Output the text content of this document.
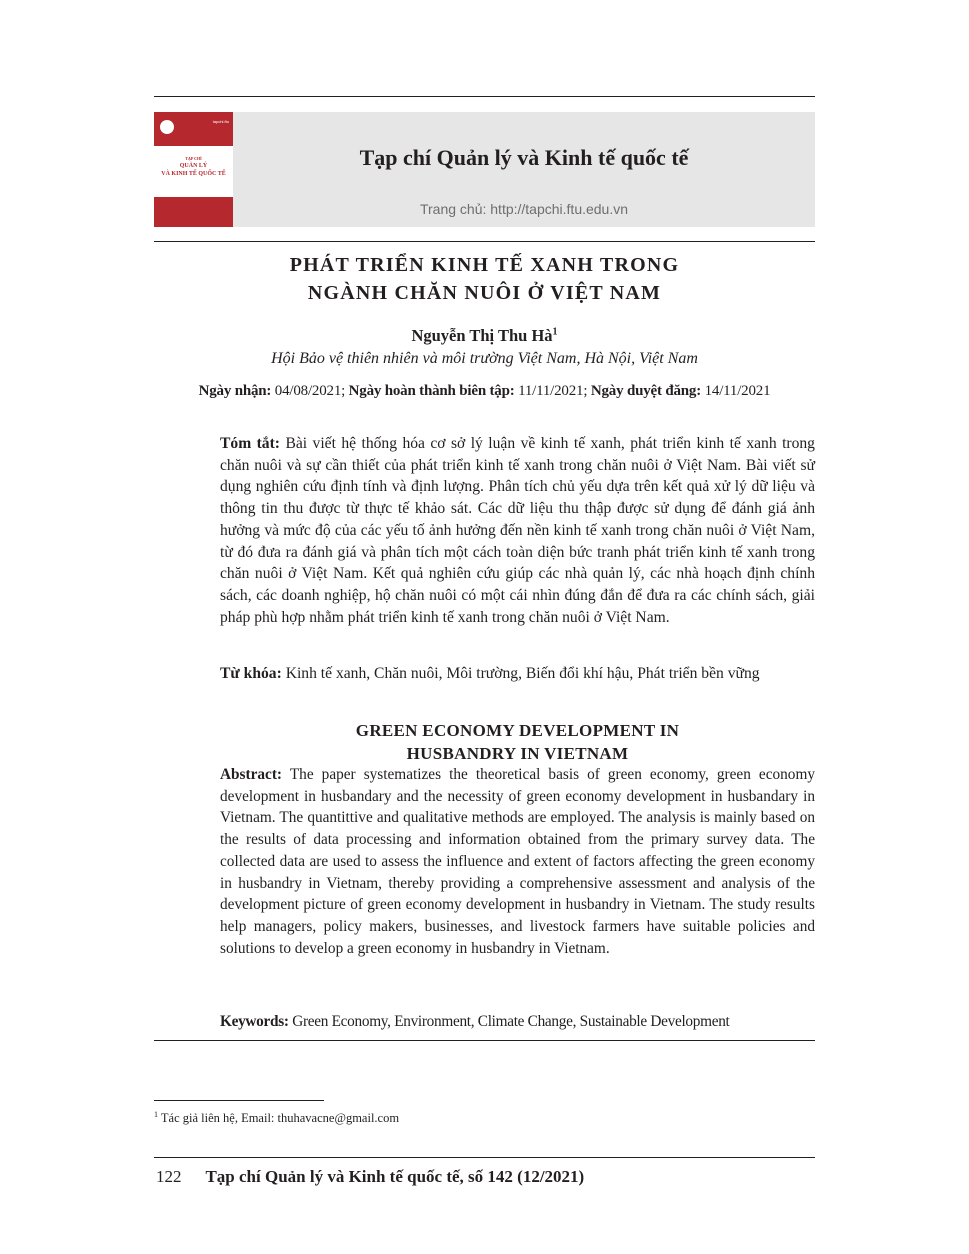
tapchi.ftu
TẠP CHÍ
QUẢN LÝ
VÀ KINH TẾ QUỐC TẾ
Tạp chí Quản lý và Kinh tế quốc tế
Trang chủ: http://tapchi.ftu.edu.vn
PHÁT TRIỂN KINH TẾ XANH TRONG
NGÀNH CHĂN NUÔI Ở VIỆT NAM
Nguyễn Thị Thu $Hà^1$
Hội Bảo vệ thiên nhiên và môi trường Việt Nam, Hà Nội, Việt Nam
Ngày nhận: 04/08/2021; Ngày hoàn thành biên tập: 11/11/2021; Ngày duyệt đăng: 14/11/2021
Tóm tắt: Bài viết hệ thống hóa cơ sở lý luận về kinh tế xanh, phát triển kinh tế xanh trong chăn nuôi và sự cần thiết của phát triển kinh tế xanh trong chăn nuôi ở Việt Nam. Bài viết sử dụng nghiên cứu định tính và định lượng. Phân tích chủ yếu dựa trên kết quả xử lý dữ liệu và thông tin thu được từ thực tế khảo sát. Các dữ liệu thu thập được sử dụng để đánh giá ảnh hưởng và mức độ của các yếu tố ảnh hưởng đến nền kinh tế xanh trong chăn nuôi ở Việt Nam, từ đó đưa ra đánh giá và phân tích một cách toàn diện bức tranh phát triển kinh tế xanh trong chăn nuôi ở Việt Nam. Kết quả nghiên cứu giúp các nhà quản lý, các nhà hoạch định chính sách, các doanh nghiệp, hộ chăn nuôi có một cái nhìn đúng đắn để đưa ra các chính sách, giải pháp phù hợp nhằm phát triển kinh tế xanh trong chăn nuôi ở Việt Nam.
Từ khóa: Kinh tế xanh, Chăn nuôi, Môi trường, Biến đổi khí hậu, Phát triển bền vững
GREEN ECONOMY DEVELOPMENT IN
HUSBANDRY IN VIETNAM
Abstract: The paper systematizes the theoretical basis of green economy, green economy development in husbandary and the necessity of green economy development in husbandary in Vietnam. The quantittive and qualitative methods are employed. The analysis is mainly based on the results of data processing and information obtained from the primary survey data. The collected data are used to assess the influence and extent of factors affecting the green economy in husbandry in Vietnam, thereby providing a comprehensive assessment and analysis of the development picture of green economy development in husbandry in Vietnam. The study results help managers, policy makers, businesses, and livestock farmers have suitable policies and solutions to develop a green economy in husbandry in Vietnam.
Keywords: Green Economy, Environment, Climate Change, Sustainable Development
$^1$ Tác giả liên hệ, Email: thuhavacne@gmail.com
122 Tạp chí Quản lý và Kinh tế quốc tế, số 142 (12/2021)
